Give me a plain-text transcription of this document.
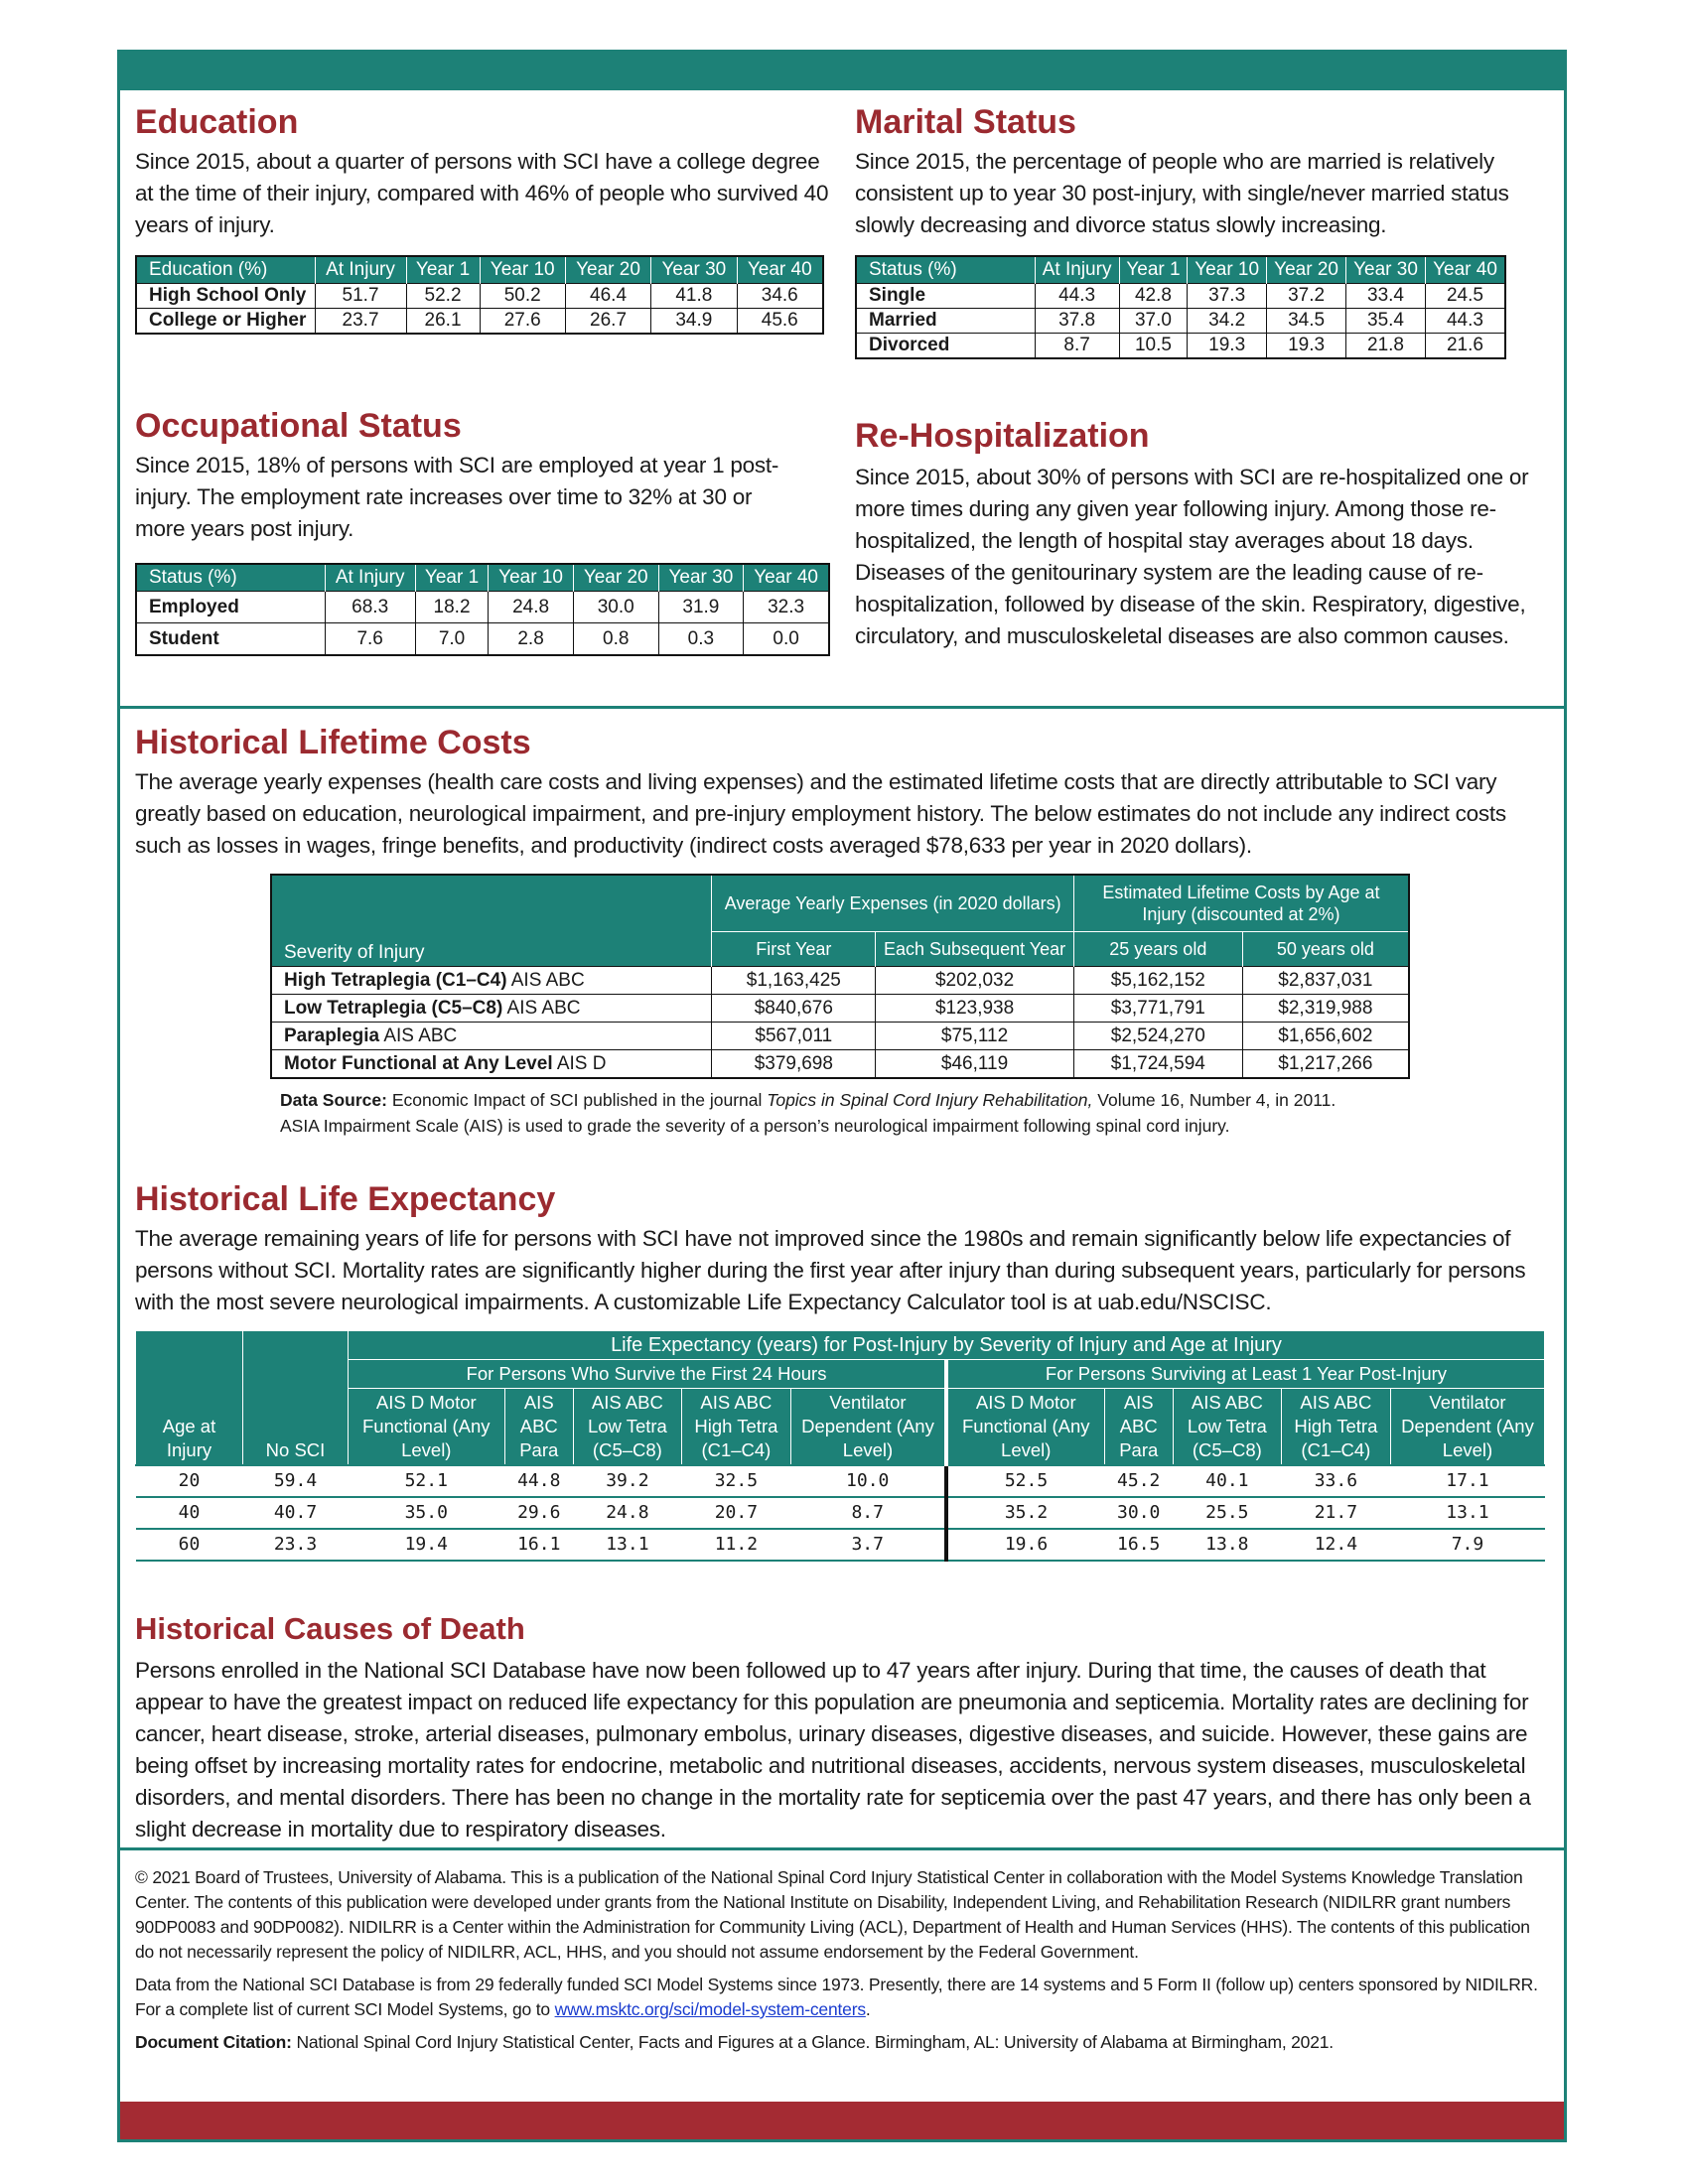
Education

Since 2015, about a quarter of persons with SCI have a college degree at the time of their injury, compared with 46% of people who survived 40 years of injury.

Education (%)	At Injury	Year 1	Year 10	Year 20	Year 30	Year 40
High School Only	51.7	52.2	50.2	46.4	41.8	34.6
College or Higher	23.7	26.1	27.6	26.7	34.9	45.6
Marital Status

Since 2015, the percentage of people who are married is relatively consistent up to year 30 post-injury, with single/never married status slowly decreasing and divorce status slowly increasing.

Status (%)	At Injury	Year 1	Year 10	Year 20	Year 30	Year 40
Single	44.3	42.8	37.3	37.2	33.4	24.5
Married	37.8	37.0	34.2	34.5	35.4	44.3
Divorced	8.7	10.5	19.3	19.3	21.8	21.6
Occupational Status

Since 2015, 18% of persons with SCI are employed at year 1 post-injury. The employment rate increases over time to 32% at 30 or more years post injury.

Status (%)	At Injury	Year 1	Year 10	Year 20	Year 30	Year 40
Employed	68.3	18.2	24.8	30.0	31.9	32.3
Student	7.6	7.0	2.8	0.8	0.3	0.0
Re-Hospitalization

Since 2015, about 30% of persons with SCI are re-hospitalized one or more times during any given year following injury. Among those re-hospitalized, the length of hospital stay averages about 18 days. Diseases of the genitourinary system are the leading cause of re-hospitalization, followed by disease of the skin. Respiratory, digestive, circulatory, and musculoskeletal diseases are also common causes.

Historical Lifetime Costs

The average yearly expenses (health care costs and living expenses) and the estimated lifetime costs that are directly attributable to SCI vary greatly based on education, neurological impairment, and pre-injury employment history. The below estimates do not include any indirect costs such as losses in wages, fringe benefits, and productivity (indirect costs averaged $78,633 per year in 2020 dollars).

Severity of Injury	Average Yearly Expenses (in 2020 dollars)		Estimated Lifetime Costs by Age at Injury (discounted at 2%)	
	First Year	Each Subsequent Year	25 years old	50 years old
High Tetraplegia (C1–C4) AIS ABC	$1,163,425	$202,032	$5,162,152	$2,837,031
Low Tetraplegia (C5–C8) AIS ABC	$840,676	$123,938	$3,771,791	$2,319,988
Paraplegia AIS ABC	$567,011	$75,112	$2,524,270	$1,656,602
Motor Functional at Any Level AIS D	$379,698	$46,119	$1,724,594	$1,217,266
Data Source: Economic Impact of SCI published in the journal Topics in Spinal Cord Injury Rehabilitation, Volume 16, Number 4, in 2011.
ASIA Impairment Scale (AIS) is used to grade the severity of a person’s neurological impairment following spinal cord injury.
Historical Life Expectancy

The average remaining years of life for persons with SCI have not improved since the 1980s and remain significantly below life expectancies of persons without SCI. Mortality rates are significantly higher during the first year after injury than during subsequent years, particularly for persons with the most severe neurological impairments. A customizable Life Expectancy Calculator tool is at uab.edu/NSCISC.

Age at Injury	No SCI	Life Expectancy (years) for Post-Injury by Severity of Injury and Age at Injury									
		For Persons Who Survive the First 24 Hours					For Persons Surviving at Least 1 Year Post-Injury				
		AIS D Motor Functional (Any Level)	AIS ABC Para	AIS ABC Low Tetra (C5–C8)	AIS ABC High Tetra (C1–C4)	Ventilator Dependent (Any Level)	AIS D Motor Functional (Any Level)	AIS ABC Para	AIS ABC Low Tetra (C5–C8)	AIS ABC High Tetra (C1–C4)	Ventilator Dependent (Any Level)
20	59.4	52.1	44.8	39.2	32.5	10.0	52.5	45.2	40.1	33.6	17.1
40	40.7	35.0	29.6	24.8	20.7	8.7	35.2	30.0	25.5	21.7	13.1
60	23.3	19.4	16.1	13.1	11.2	3.7	19.6	16.5	13.8	12.4	7.9
Historical Causes of Death

Persons enrolled in the National SCI Database have now been followed up to 47 years after injury. During that time, the causes of death that appear to have the greatest impact on reduced life expectancy for this population are pneumonia and septicemia. Mortality rates are declining for cancer, heart disease, stroke, arterial diseases, pulmonary embolus, urinary diseases, digestive diseases, and suicide. However, these gains are being offset by increasing mortality rates for endocrine, metabolic and nutritional diseases, accidents, nervous system diseases, musculoskeletal disorders, and mental disorders. There has been no change in the mortality rate for septicemia over the past 47 years, and there has only been a slight decrease in mortality due to respiratory diseases.

© 2021 Board of Trustees, University of Alabama. This is a publication of the National Spinal Cord Injury Statistical Center in collaboration with the Model Systems Knowledge Translation Center. The contents of this publication were developed under grants from the National Institute on Disability, Independent Living, and Rehabilitation Research (NIDILRR grant numbers 90DP0083 and 90DP0082). NIDILRR is a Center within the Administration for Community Living (ACL), Department of Health and Human Services (HHS). The contents of this publication do not necessarily represent the policy of NIDILRR, ACL, HHS, and you should not assume endorsement by the Federal Government.

Data from the National SCI Database is from 29 federally funded SCI Model Systems since 1973. Presently, there are 14 systems and 5 Form II (follow up) centers sponsored by NIDILRR. For a complete list of current SCI Model Systems, go to www.msktc.org/sci/model-system-centers.

Document Citation: National Spinal Cord Injury Statistical Center, Facts and Figures at a Glance. Birmingham, AL: University of Alabama at Birmingham, 2021.
